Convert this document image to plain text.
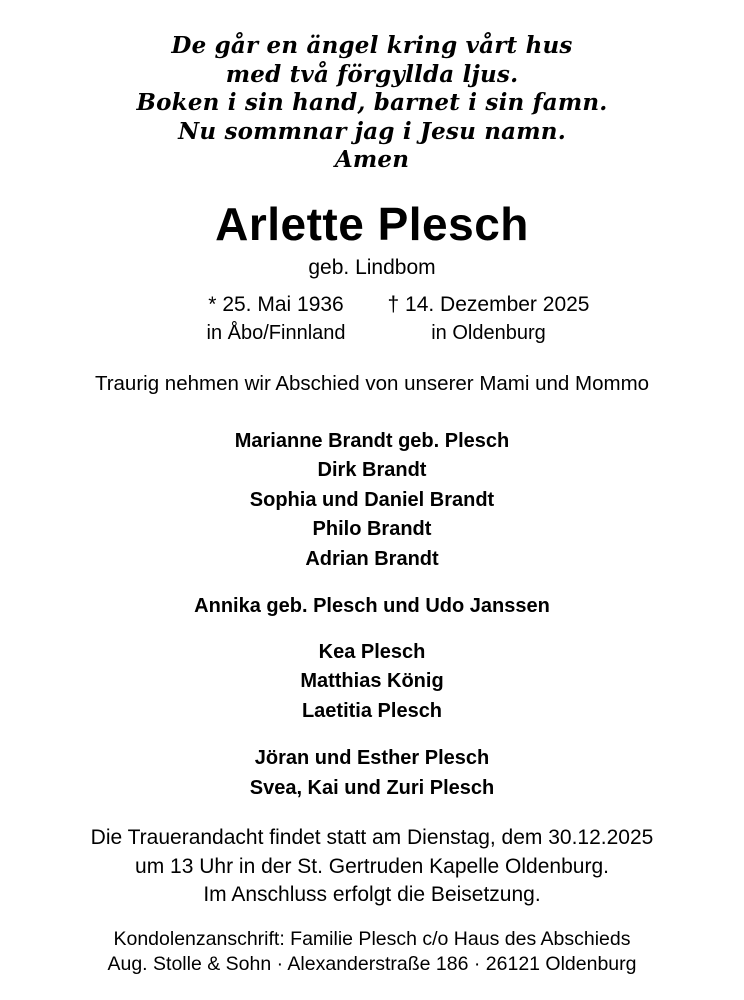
De går en ängel kring vårt hus
med två förgyllda ljus.
Boken i sin hand, barnet i sin famn.
Nu sommnar jag i Jesu namn.
Amen
Arlette Plesch
geb. Lindbom
* 25. Mai 1936
in Åbo/Finnland
† 14. Dezember 2025
in Oldenburg
Traurig nehmen wir Abschied von unserer Mami und Mommo
Marianne Brandt geb. Plesch
Dirk Brandt
Sophia und Daniel Brandt
Philo Brandt
Adrian Brandt
Annika geb. Plesch und Udo Janssen
Kea Plesch
Matthias König
Laetitia Plesch
Jöran und Esther Plesch
Svea, Kai und Zuri Plesch
Die Trauerandacht findet statt am Dienstag, dem 30.12.2025
um 13 Uhr in der St. Gertruden Kapelle Oldenburg.
Im Anschluss erfolgt die Beisetzung.
Kondolenzanschrift: Familie Plesch c/o Haus des Abschieds
Aug. Stolle & Sohn · Alexanderstraße 186 · 26121 Oldenburg
